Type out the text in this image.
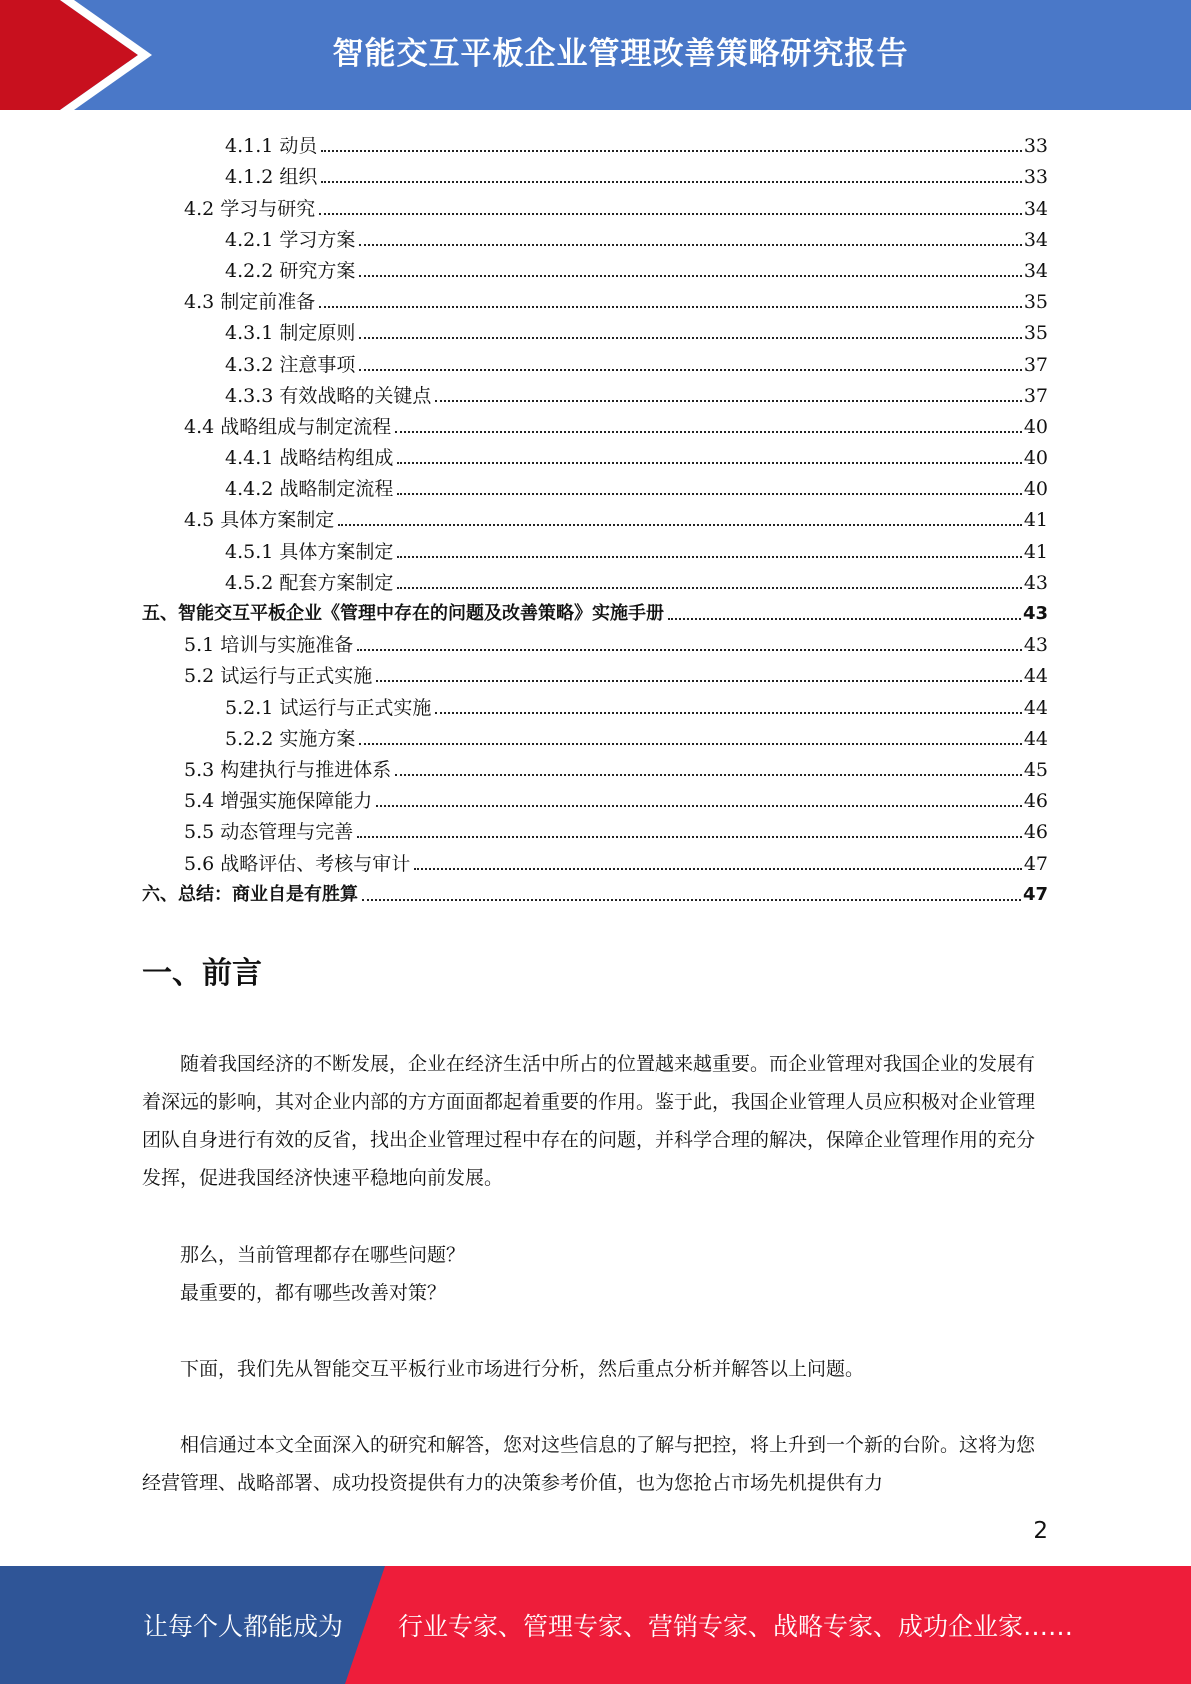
智能交互平板企业管理改善策略研究报告
4.1.1 动员	33
4.1.2 组织	33
4.2 学习与研究	34
4.2.1 学习方案	34
4.2.2 研究方案	34
4.3 制定前准备	35
4.3.1 制定原则	35
4.3.2 注意事项	37
4.3.3 有效战略的关键点	37
4.4 战略组成与制定流程	40
4.4.1 战略结构组成	40
4.4.2 战略制定流程	40
4.5 具体方案制定	41
4.5.1 具体方案制定	41
4.5.2 配套方案制定	43
五、智能交互平板企业《管理中存在的问题及改善策略》实施手册	43
5.1 培训与实施准备	43
5.2 试运行与正式实施	44
5.2.1 试运行与正式实施	44
5.2.2 实施方案	44
5.3 构建执行与推进体系	45
5.4 增强实施保障能力	46
5.5 动态管理与完善	46
5.6 战略评估、考核与审计	47
六、总结：商业自是有胜算	47
一、前言

随着我国经济的不断发展，企业在经济生活中所占的位置越来越重要。而企业管理对我国企业的发展有着深远的影响，其对企业内部的方方面面都起着重要的作用。鉴于此，我国企业管理人员应积极对企业管理团队自身进行有效的反省，找出企业管理过程中存在的问题，并科学合理的解决，保障企业管理作用的充分发挥，促进我国经济快速平稳地向前发展。

那么，当前管理都存在哪些问题？

最重要的，都有哪些改善对策？

下面，我们先从智能交互平板行业市场进行分析，然后重点分析并解答以上问题。

相信通过本文全面深入的研究和解答，您对这些信息的了解与把控，将上升到一个新的台阶。这将为您经营管理、战略部署、成功投资提供有力的决策参考价值，也为您抢占市场先机提供有力

2
让每个人都能成为 行业专家、管理专家、营销专家、战略专家、成功企业家……
